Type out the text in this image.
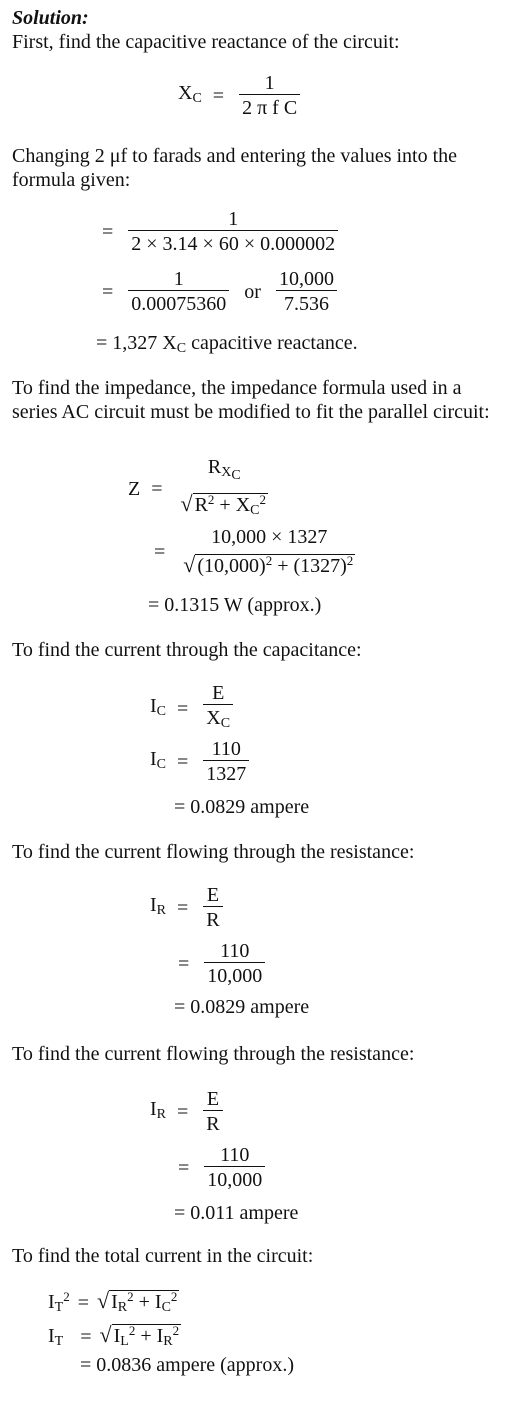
Solution:
First, find the capacitive reactance of the circuit:
$X_C = \frac{1}{\text{2 π f C}}$
Changing 2 μf to farads and entering the values into the formula given:
= $\frac{1}{2 \times 3.14 \times 60 \times 0.000002}$
= $\frac{1}{0.00075360}$ or $\frac{10,000}{7.536}$
= 1,327 $X_C$ capacitive reactance.
To find the impedance, the impedance formula used in a series AC circuit must be modified to fit the parallel circuit:
Z =
$R_{X_C}$
√ $R^2 + X_C^2$
=
10,000 × 1327
√ $(10,000)^2 + (1327)^2$
= 0.1315 W (approx.)
To find the current through the capacitance:
$I_C = \frac{E}{X_C}$
$I_C = \frac{110}{1327}$
= 0.0829 ampere
To find the current flowing through the resistance:
$I_R = \frac{E}{R}$
= $\frac{110}{10,000}$
= 0.0829 ampere
To find the current flowing through the resistance:
$I_R = \frac{E}{R}$
= $\frac{110}{10,000}$
= 0.011 ampere
To find the total current in the circuit:
$I_T^2$ = √ $I_R^2 + I_C^2$
$I_T$ = √ $I_L^2 + I_R^2$
= 0.0836 ampere (approx.)
